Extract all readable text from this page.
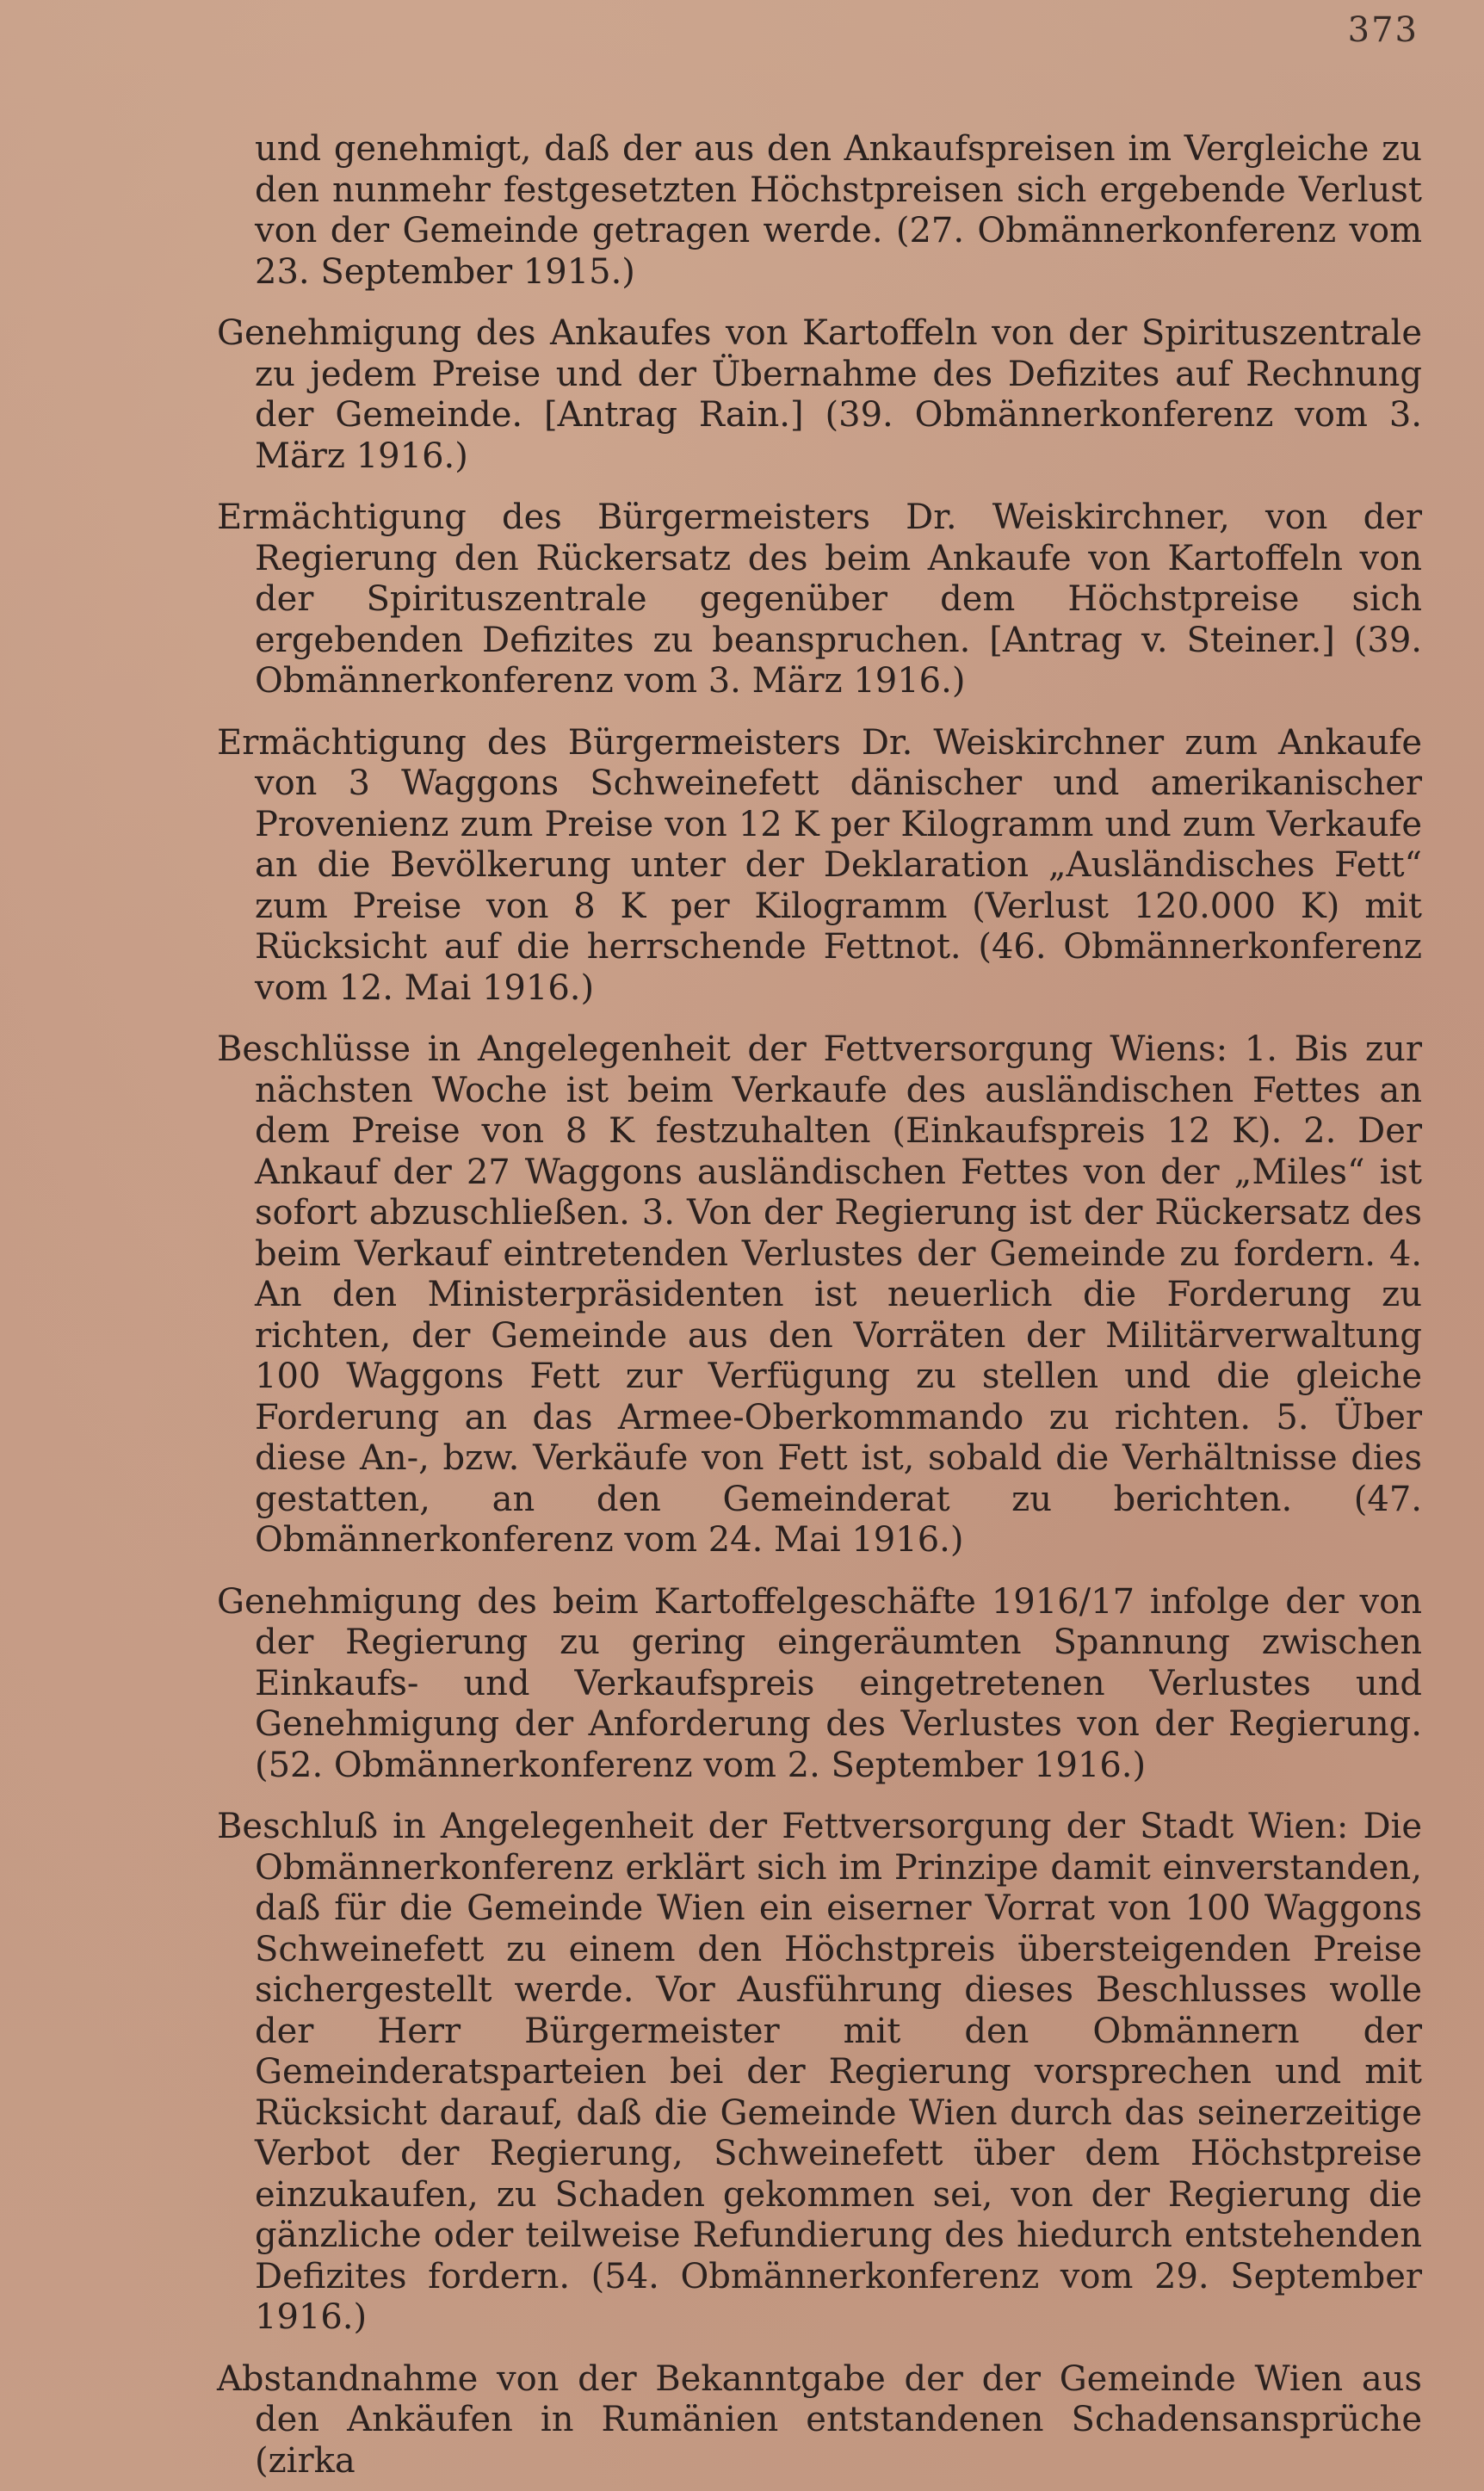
373

und genehmigt, daß der aus den Ankaufspreisen im Vergleiche zu den nunmehr festgesetzten Höchstpreisen sich ergebende Verlust von der Gemeinde getragen werde. (27. Obmännerkonferenz vom 23. September 1915.)

Genehmigung des Ankaufes von Kartoffeln von der Spirituszentrale zu jedem Preise und der Übernahme des Defizites auf Rechnung der Gemeinde. [Antrag Rain.] (39. Obmännerkonferenz vom 3. März 1916.)

Ermächtigung des Bürgermeisters Dr. Weiskirchner, von der Regierung den Rückersatz des beim Ankaufe von Kartoffeln von der Spirituszentrale gegenüber dem Höchstpreise sich ergebenden Defizites zu beanspruchen. [Antrag v. Steiner.] (39. Obmännerkonferenz vom 3. März 1916.)

Ermächtigung des Bürgermeisters Dr. Weiskirchner zum Ankaufe von 3 Waggons Schweinefett dänischer und amerikanischer Provenienz zum Preise von 12 K per Kilogramm und zum Verkaufe an die Bevölkerung unter der Deklaration „Ausländisches Fett“ zum Preise von 8 K per Kilogramm (Verlust 120.000 K) mit Rücksicht auf die herrschende Fettnot. (46. Obmännerkonferenz vom 12. Mai 1916.)

Beschlüsse in Angelegenheit der Fettversorgung Wiens: 1. Bis zur nächsten Woche ist beim Verkaufe des ausländischen Fettes an dem Preise von 8 K festzuhalten (Einkaufspreis 12 K). 2. Der Ankauf der 27 Waggons ausländischen Fettes von der „Miles“ ist sofort abzuschließen. 3. Von der Regierung ist der Rückersatz des beim Verkauf eintretenden Verlustes der Gemeinde zu fordern. 4. An den Ministerpräsidenten ist neuerlich die Forderung zu richten, der Gemeinde aus den Vorräten der Militärverwaltung 100 Waggons Fett zur Verfügung zu stellen und die gleiche Forderung an das Armee-Oberkommando zu richten. 5. Über diese An-, bzw. Verkäufe von Fett ist, sobald die Verhältnisse dies gestatten, an den Gemeinderat zu berichten. (47. Obmännerkonferenz vom 24. Mai 1916.)

Genehmigung des beim Kartoffelgeschäfte 1916/17 infolge der von der Regierung zu gering eingeräumten Spannung zwischen Einkaufs- und Verkaufspreis eingetretenen Verlustes und Genehmigung der Anforderung des Verlustes von der Regierung. (52. Obmännerkonferenz vom 2. September 1916.)

Beschluß in Angelegenheit der Fettversorgung der Stadt Wien: Die Obmännerkonferenz erklärt sich im Prinzipe damit einverstanden, daß für die Gemeinde Wien ein eiserner Vorrat von 100 Waggons Schweinefett zu einem den Höchstpreis übersteigenden Preise sichergestellt werde. Vor Ausführung dieses Beschlusses wolle der Herr Bürgermeister mit den Obmännern der Gemeinderatsparteien bei der Regierung vorsprechen und mit Rücksicht darauf, daß die Gemeinde Wien durch das seinerzeitige Verbot der Regierung, Schweinefett über dem Höchstpreise einzukaufen, zu Schaden gekommen sei, von der Regierung die gänzliche oder teilweise Refundierung des hiedurch entstehenden Defizites fordern. (54. Obmännerkonferenz vom 29. September 1916.)

Abstandnahme von der Bekanntgabe der der Gemeinde Wien aus den Ankäufen in Rumänien entstandenen Schadensansprüche (zirka
